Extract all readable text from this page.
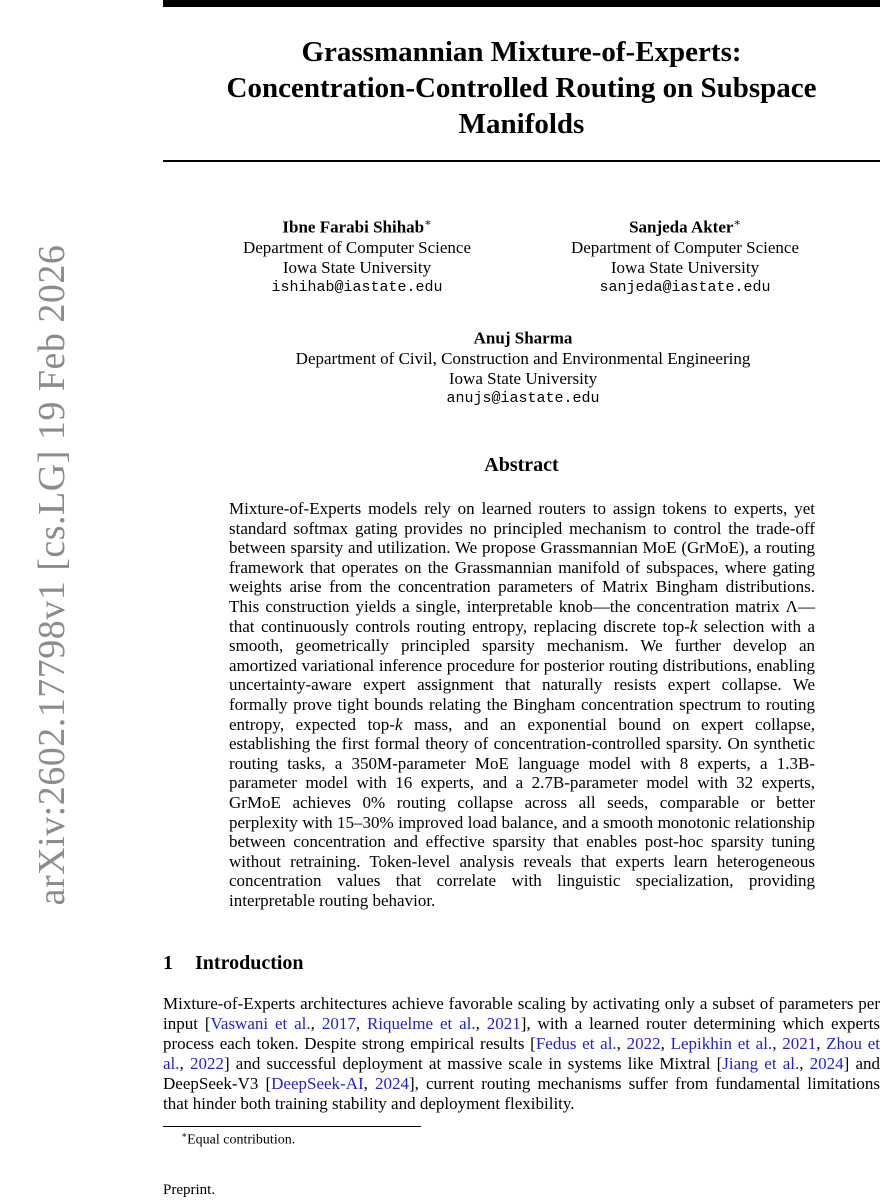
arXiv:2602.17798v1 [cs.LG] 19 Feb 2026
Grassmannian Mixture-of-Experts:
Concentration-Controlled Routing on Subspace
Manifolds
Ibne Farabi Shihab∗
Department of Computer Science
Iowa State University
ishihab@iastate.edu
Sanjeda Akter∗
Department of Computer Science
Iowa State University
sanjeda@iastate.edu
Anuj Sharma
Department of Civil, Construction and Environmental Engineering
Iowa State University
anujs@iastate.edu
Abstract
Mixture-of-Experts models rely on learned routers to assign tokens to experts, yet standard softmax gating provides no principled mechanism to control the trade-off between sparsity and utilization. We propose Grassmannian MoE (GrMoE), a routing framework that operates on the Grassmannian manifold of subspaces, where gating weights arise from the concentration parameters of Matrix Bingham distributions. This construction yields a single, interpretable knob—the concentration matrix Λ—that continuously controls routing entropy, replacing discrete top-k selection with a smooth, geometrically principled sparsity mechanism. We further develop an amortized variational inference procedure for posterior routing distributions, enabling uncertainty-aware expert assignment that naturally resists expert collapse. We formally prove tight bounds relating the Bingham concentration spectrum to routing entropy, expected top-k mass, and an exponential bound on expert collapse, establishing the first formal theory of concentration-controlled sparsity. On synthetic routing tasks, a 350M-parameter MoE language model with 8 experts, a 1.3B-parameter model with 16 experts, and a 2.7B-parameter model with 32 experts, GrMoE achieves 0% routing collapse across all seeds, comparable or better perplexity with 15–30% improved load balance, and a smooth monotonic relationship between concentration and effective sparsity that enables post-hoc sparsity tuning without retraining. Token-level analysis reveals that experts learn heterogeneous concentration values that correlate with linguistic specialization, providing interpretable routing behavior.
1 Introduction
Mixture-of-Experts architectures achieve favorable scaling by activating only a subset of parameters per input [Vaswani et al., 2017, Riquelme et al., 2021], with a learned router determining which experts process each token. Despite strong empirical results [Fedus et al., 2022, Lepikhin et al., 2021, Zhou et al., 2022] and successful deployment at massive scale in systems like Mixtral [Jiang et al., 2024] and DeepSeek-V3 [DeepSeek-AI, 2024], current routing mechanisms suffer from fundamental limitations that hinder both training stability and deployment flexibility.
∗Equal contribution.
Preprint.
